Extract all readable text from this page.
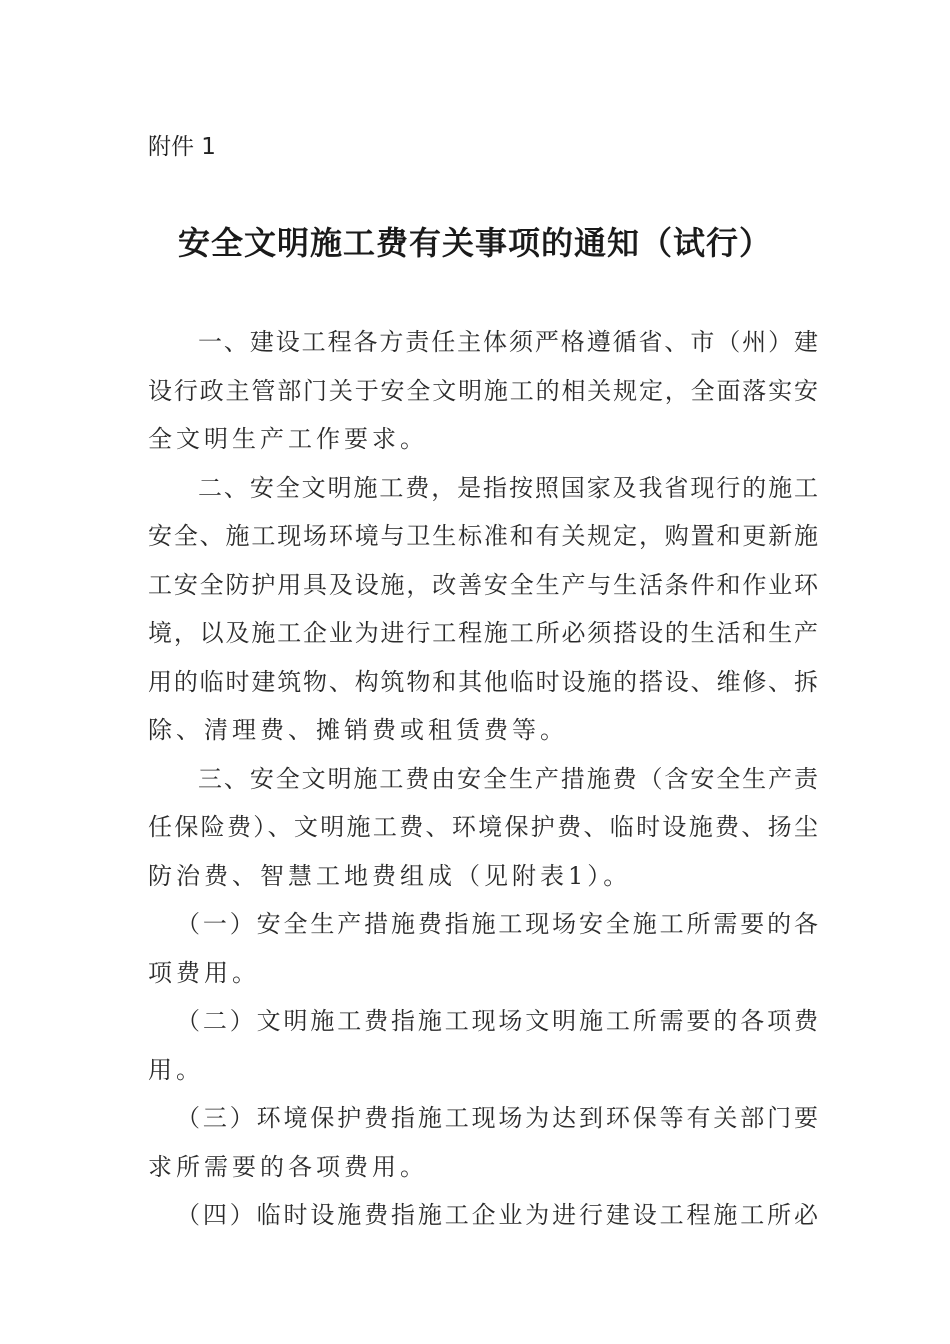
附件 1
安全文明施工费有关事项的通知（试行）
一、建设工程各方责任主体须严格遵循省、市（州）建
设行政主管部门关于安全文明施工的相关规定，全面落实安
全文明生产工作要求。
二、安全文明施工费，是指按照国家及我省现行的施工
安全、施工现场环境与卫生标准和有关规定，购置和更新施
工安全防护用具及设施，改善安全生产与生活条件和作业环
境，以及施工企业为进行工程施工所必须搭设的生活和生产
用的临时建筑物、构筑物和其他临时设施的搭设、维修、拆
除、清理费、摊销费或租赁费等。
三、安全文明施工费由安全生产措施费（含安全生产责
任保险费）、文明施工费、环境保护费、临时设施费、扬尘
防治费、智慧工地费组成（见附表1）。
（一）安全生产措施费指施工现场安全施工所需要的各
项费用。
（二）文明施工费指施工现场文明施工所需要的各项费
用。
（三）环境保护费指施工现场为达到环保等有关部门要
求所需要的各项费用。
（四）临时设施费指施工企业为进行建设工程施工所必
